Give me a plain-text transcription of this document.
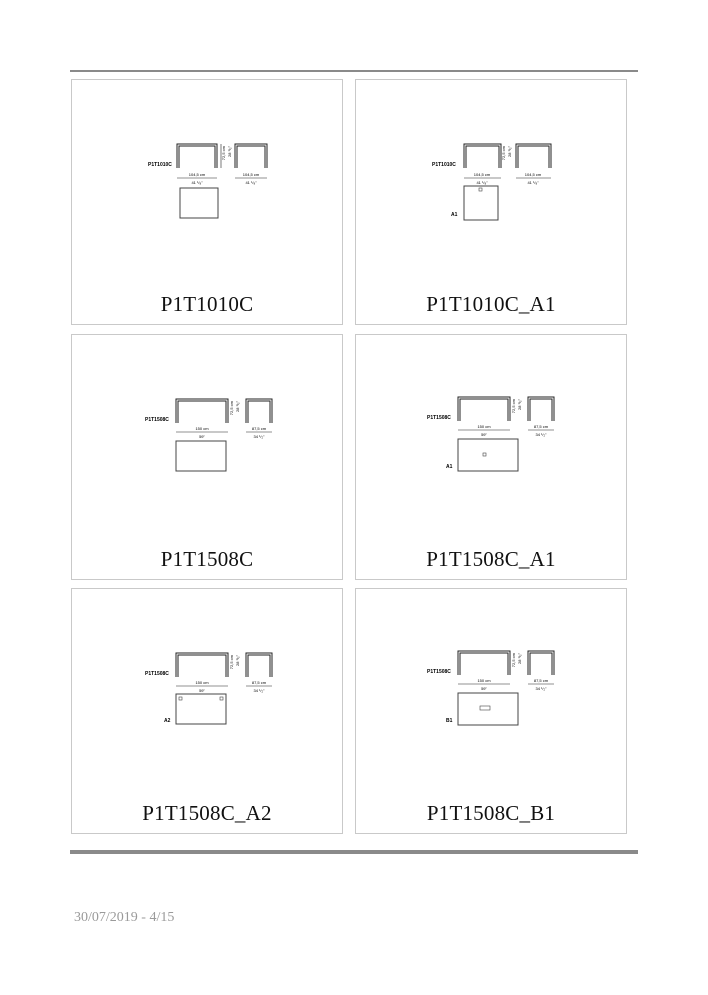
P1T1010C
104,5 cm
41 ¹/₈"
104,5 cm
41 ¹/₈"
72,5 cm 28 ¹/₂"
P1T1010C
P1T1010C
A1
104,5 cm
41 ¹/₈"
104,5 cm
41 ¹/₈"
72,5 cm 28 ¹/₂"
P1T1010C_A1
P1T1508C
150 cm
59"
87,5 cm
34 ¹/₂"
72,5 cm 28 ¹/₂"
P1T1508C
P1T1508C
A1
150 cm
59"
87,5 cm
34 ¹/₂"
72,5 cm 28 ¹/₂"
P1T1508C_A1
P1T1508C
A2
150 cm
59"
87,5 cm
34 ¹/₂"
72,5 cm 28 ¹/₂"
P1T1508C_A2
P1T1508C
B1
150 cm
59"
87,5 cm
34 ¹/₂"
72,5 cm 28 ¹/₂"
P1T1508C_B1
30/07/2019 - 4/15
